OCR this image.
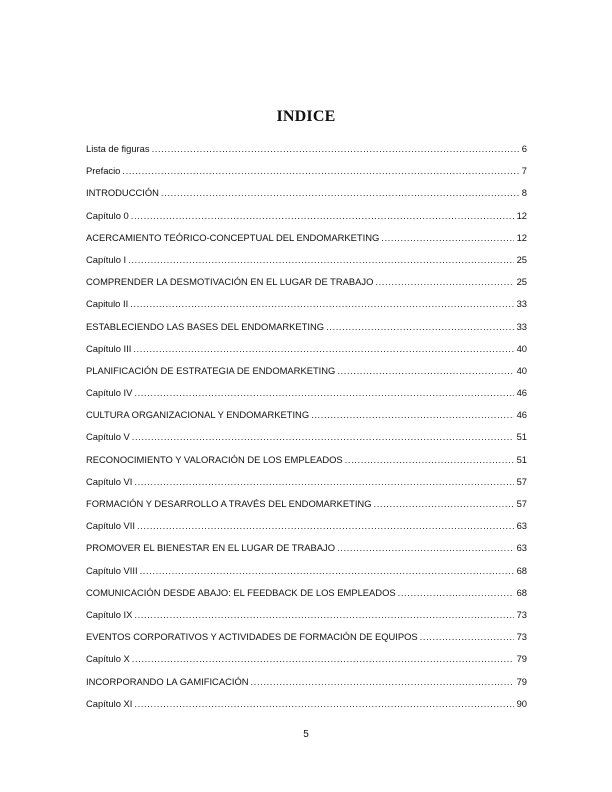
INDICE
Lista de figuras .....	6
Prefacio .....	7
INTRODUCCIÓN .....	8
Capítulo 0 .....	12
ACERCAMIENTO TEÓRICO-CONCEPTUAL DEL ENDOMARKETING .....	12
Capítulo I .....	25
COMPRENDER LA DESMOTIVACIÓN EN EL LUGAR DE TRABAJO .....	25
Capitulo II .....	33
ESTABLECIENDO LAS BASES DEL ENDOMARKETING .....	33
Capítulo III .....	40
PLANIFICACIÓN DE ESTRATEGIA DE ENDOMARKETING .....	40
Capítulo IV .....	46
CULTURA ORGANIZACIONAL Y ENDOMARKETING .....	46
Capítulo V .....	51
RECONOCIMIENTO Y VALORACIÓN DE LOS EMPLEADOS .....	51
Capítulo VI .....	57
FORMACIÓN Y DESARROLLO A TRAVÉS DEL ENDOMARKETING .....	57
Capítulo VII .....	63
PROMOVER EL BIENESTAR EN EL LUGAR DE TRABAJO .....	63
Capítulo VIII .....	68
COMUNICACIÓN DESDE ABAJO: EL FEEDBACK DE LOS EMPLEADOS .....	68
Capítulo IX .....	73
EVENTOS CORPORATIVOS Y ACTIVIDADES DE FORMACIÓN DE EQUIPOS .....	73
Capítulo X .....	79
INCORPORANDO LA GAMIFICACIÓN .....	79
Capítulo XI .....	90
5
